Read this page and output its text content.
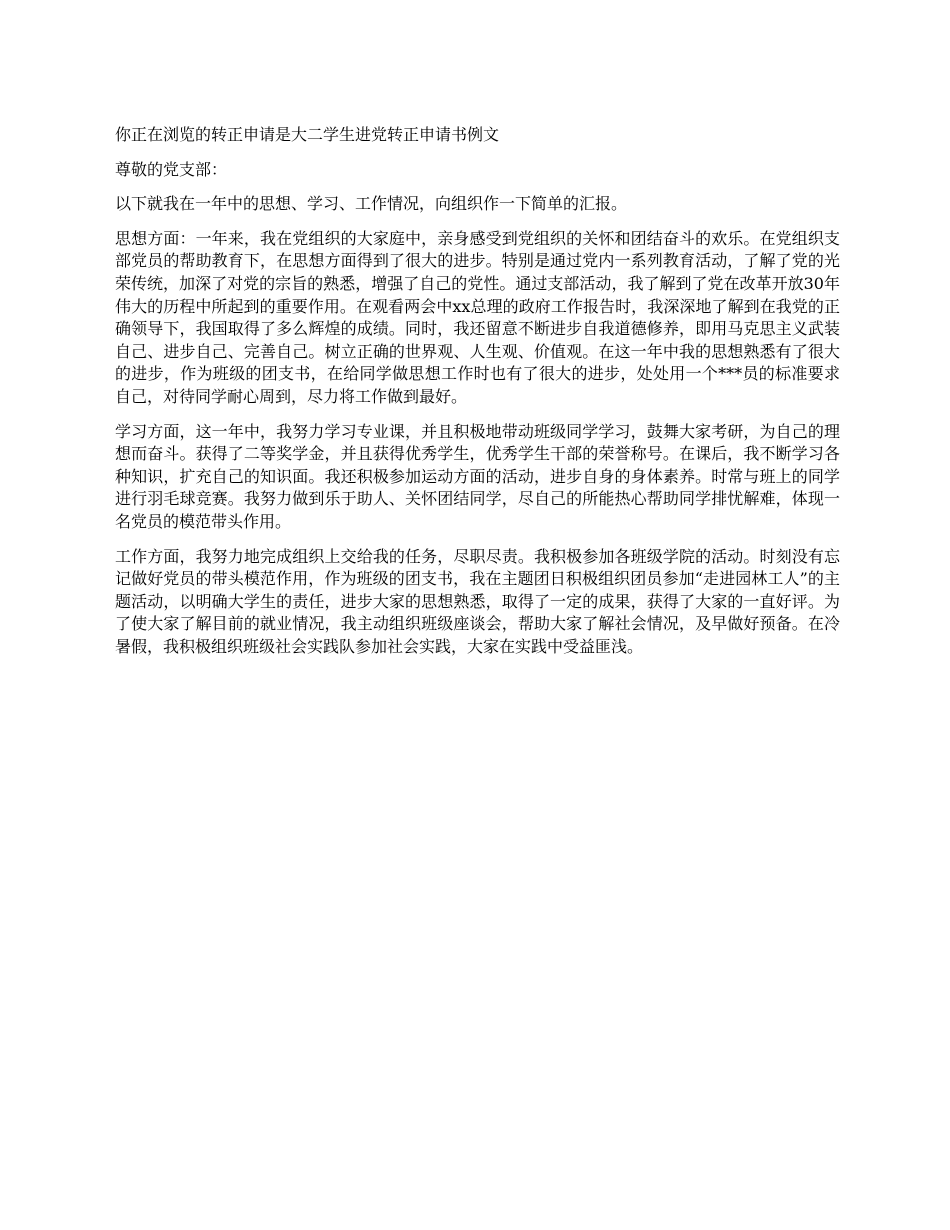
你正在浏览的转正申请是大二学生进党转正申请书例文

尊敬的党支部：

以下就我在一年中的思想、学习、工作情况，向组织作一下简单的汇报。

思想方面：一年来，我在党组织的大家庭中，亲身感受到党组织的关怀和团结奋斗的欢乐。在党组织支部党员的帮助教育下，在思想方面得到了很大的进步。特别是通过党内一系列教育活动，了解了党的光荣传统，加深了对党的宗旨的熟悉，增强了自己的党性。通过支部活动，我了解到了党在改革开放30年伟大的历程中所起到的重要作用。在观看两会中xx总理的政府工作报告时，我深深地了解到在我党的正确领导下，我国取得了多么辉煌的成绩。同时，我还留意不断进步自我道德修养，即用马克思主义武装自己、进步自己、完善自己。树立正确的世界观、人生观、价值观。在这一年中我的思想熟悉有了很大的进步，作为班级的团支书，在给同学做思想工作时也有了很大的进步，处处用一个***员的标准要求自己，对待同学耐心周到，尽力将工作做到最好。

学习方面，这一年中，我努力学习专业课，并且积极地带动班级同学学习，鼓舞大家考研，为自己的理想而奋斗。获得了二等奖学金，并且获得优秀学生，优秀学生干部的荣誉称号。在课后，我不断学习各种知识，扩充自己的知识面。我还积极参加运动方面的活动，进步自身的身体素养。时常与班上的同学进行羽毛球竞赛。我努力做到乐于助人、关怀团结同学，尽自己的所能热心帮助同学排忧解难，体现一名党员的模范带头作用。

工作方面，我努力地完成组织上交给我的任务，尽职尽责。我积极参加各班级学院的活动。时刻没有忘记做好党员的带头模范作用，作为班级的团支书，我在主题团日积极组织团员参加“走进园林工人”的主题活动，以明确大学生的责任，进步大家的思想熟悉，取得了一定的成果，获得了大家的一直好评。为了使大家了解目前的就业情况，我主动组织班级座谈会，帮助大家了解社会情况，及早做好预备。在冷暑假，我积极组织班级社会实践队参加社会实践，大家在实践中受益匪浅。
